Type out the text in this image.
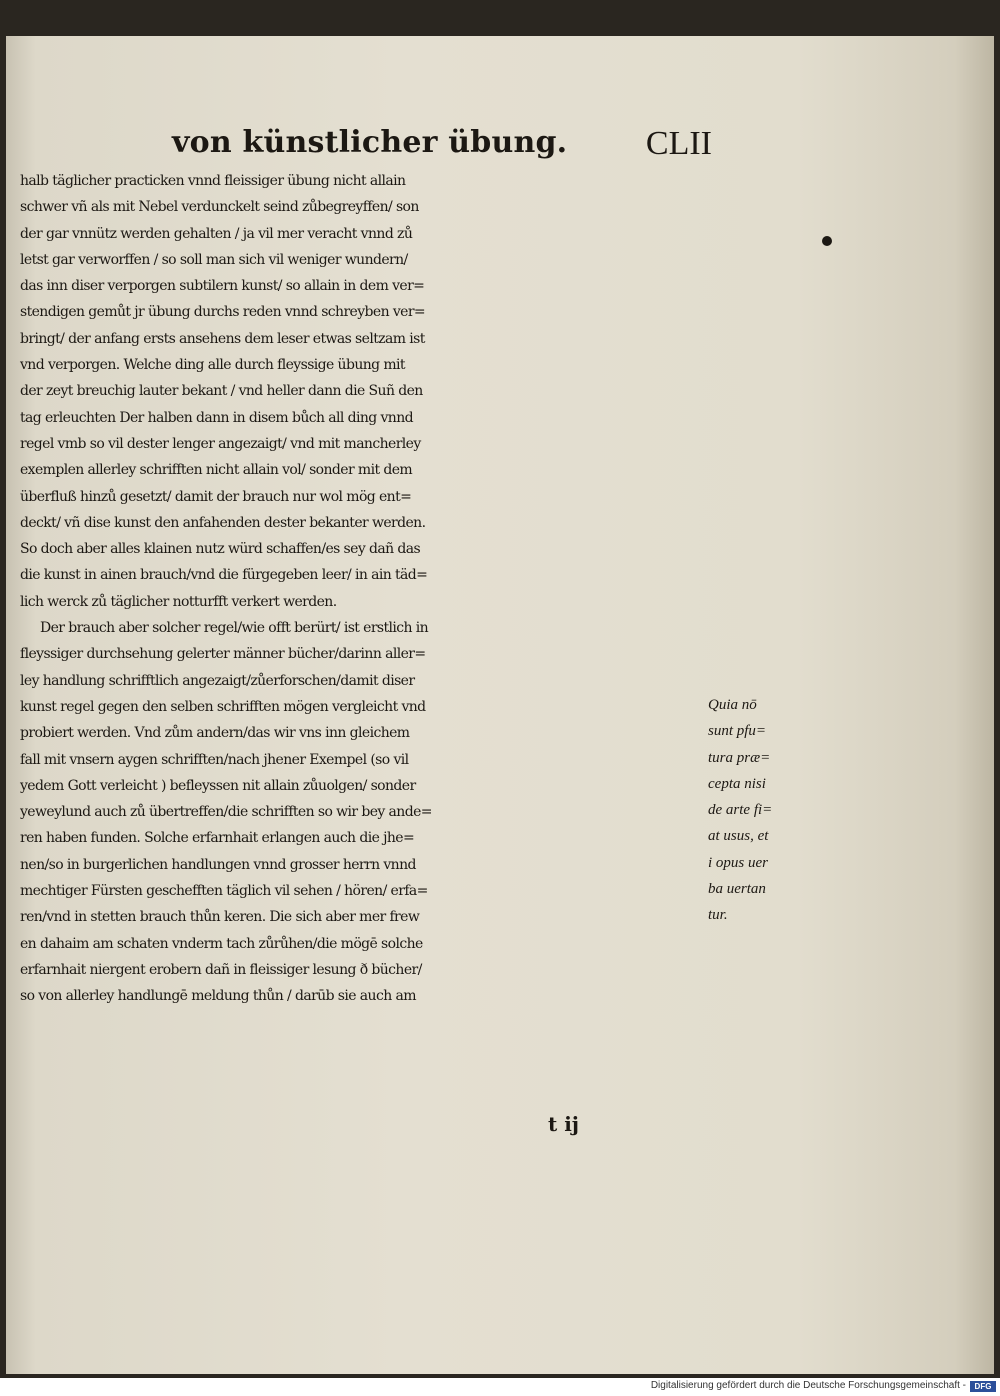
von künstlicher übung. CLII
halb täglicher practicken vnnd fleissiger übung nicht allain
schwer vñ als mit Nebel verdunckelt seind zůbegreyffen/ son
der gar vnnütz werden gehalten / ja vil mer veracht vnnd zů
letst gar verworffen / so soll man sich vil weniger wundern/
das inn diser verporgen subtilern kunst/ so allain in dem ver=
stendigen gemůt jr übung durchs reden vnnd schreyben ver=
bringt/ der anfang ersts ansehens dem leser etwas seltzam ist
vnd verporgen. Welche ding alle durch fleyssige übung mit
der zeyt breuchig lauter bekant / vnd heller dann die Suñ den
tag erleuchten Der halben dann in disem bůch all ding vnnd
regel vmb so vil dester lenger angezaigt/ vnd mit mancherley
exemplen allerley schrifften nicht allain vol/ sonder mit dem
überfluß hinzů gesetzt/ damit der brauch nur wol mög ent=
deckt/ vñ dise kunst den anfahenden dester bekanter werden.
So doch aber alles klainen nutz würd schaffen/es sey dañ das
die kunst in ainen brauch/vnd die fürgegeben leer/ in ain täd=
lich werck zů täglicher notturfft verkert werden.
Der brauch aber solcher regel/wie offt berürt/ ist erstlich in
fleyssiger durchsehung gelerter männer bücher/darinn aller=
ley handlung schrifftlich angezaigt/zůerforschen/damit diser
kunst regel gegen den selben schrifften mögen vergleicht vnd
probiert werden. Vnd zům andern/das wir vns inn gleichem
fall mit vnsern aygen schrifften/nach jhener Exempel (so vil
yedem Gott verleicht ) befleyssen nit allain zůuolgen/ sonder
yeweylund auch zů übertreffen/die schrifften so wir bey ande=
ren haben funden. Solche erfarnhait erlangen auch die jhe=
nen/so in burgerlichen handlungen vnnd grosser herrn vnnd
mechtiger Fürsten geschefften täglich vil sehen / hören/ erfa=
ren/vnd in stetten brauch thůn keren. Die sich aber mer frew
en dahaim am schaten vnderm tach zůrůhen/die mögē solche
erfarnhait niergent erobern dañ in fleissiger lesung ð bücher/
so von allerley handlungē meldung thůn / darūb sie auch am
Quia nō
sunt pfu=
tura præ=
cepta nisi
de arte fi=
at usus, et
i opus uer
ba uertan
tur.
t ij
Digitalisierung gefördert durch die Deutsche Forschungsgemeinschaft -	DFG
